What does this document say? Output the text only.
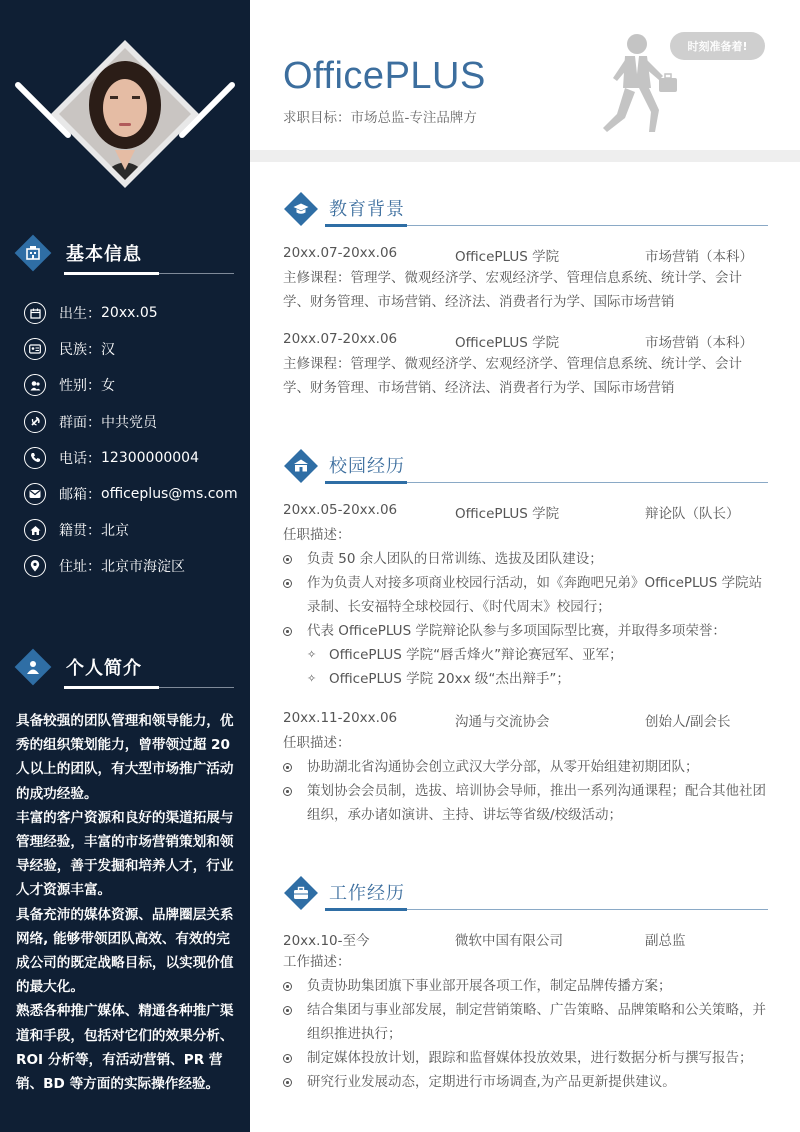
基本信息
出生： 20xx.05
民族： 汉
性别： 女
群面： 中共党员
电话： 12300000004
邮箱： officeplus@ms.com
籍贯： 北京
住址： 北京市海淀区
个人简介

具备较强的团队管理和领导能力，优秀的组织策划能力，曾带领过超 20 人以上的团队，有大型市场推广活动的成功经验。

丰富的客户资源和良好的渠道拓展与管理经验，丰富的市场营销策划和领导经验，善于发掘和培养人才，行业人才资源丰富。

具备充沛的媒体资源、品牌圈层关系网络, 能够带领团队高效、有效的完成公司的既定战略目标，以实现价值的最大化。

熟悉各种推广媒体、精通各种推广渠道和手段，包括对它们的效果分析、ROI 分析等，有活动营销、PR 营销、BD 等方面的实际操作经验。

OfficePLUS
求职目标：市场总监-专注品牌方
时刻准备着!
教育背景
20xx.07-20xx.06	OfficePLUS 学院	市场营销（本科）
主修课程：管理学、微观经济学、宏观经济学、管理信息系统、统计学、会计学、财务管理、市场营销、经济法、消费者行为学、国际市场营销
20xx.07-20xx.06	OfficePLUS 学院	市场营销（本科）
主修课程：管理学、微观经济学、宏观经济学、管理信息系统、统计学、会计学、财务管理、市场营销、经济法、消费者行为学、国际市场营销
校园经历
20xx.05-20xx.06	OfficePLUS 学院	辩论队（队长）
任职描述：
负责 50 余人团队的日常训练、选拔及团队建设；
作为负责人对接多项商业校园行活动，如《奔跑吧兄弟》OfficePLUS 学院站录制、长安福特全球校园行、《时代周末》校园行；
代表 OfficePLUS 学院辩论队参与多项国际型比赛，并取得多项荣誉：
✧ OfficePLUS 学院“唇舌烽火”辩论赛冠军、亚军；
✧ OfficePLUS 学院 20xx 级“杰出辩手”；
20xx.11-20xx.06	沟通与交流协会	创始人/副会长
任职描述：
协助湖北省沟通协会创立武汉大学分部，从零开始组建初期团队；
策划协会会员制，选拔、培训协会导师，推出一系列沟通课程；配合其他社团组织，承办诸如演讲、主持、讲坛等省级/校级活动；
工作经历
20xx.10-至今	微软中国有限公司	副总监
工作描述：
负责协助集团旗下事业部开展各项工作，制定品牌传播方案；
结合集团与事业部发展，制定营销策略、广告策略、品牌策略和公关策略，并组织推进执行；
制定媒体投放计划，跟踪和监督媒体投放效果，进行数据分析与撰写报告；
研究行业发展动态，定期进行市场调查,为产品更新提供建议。
